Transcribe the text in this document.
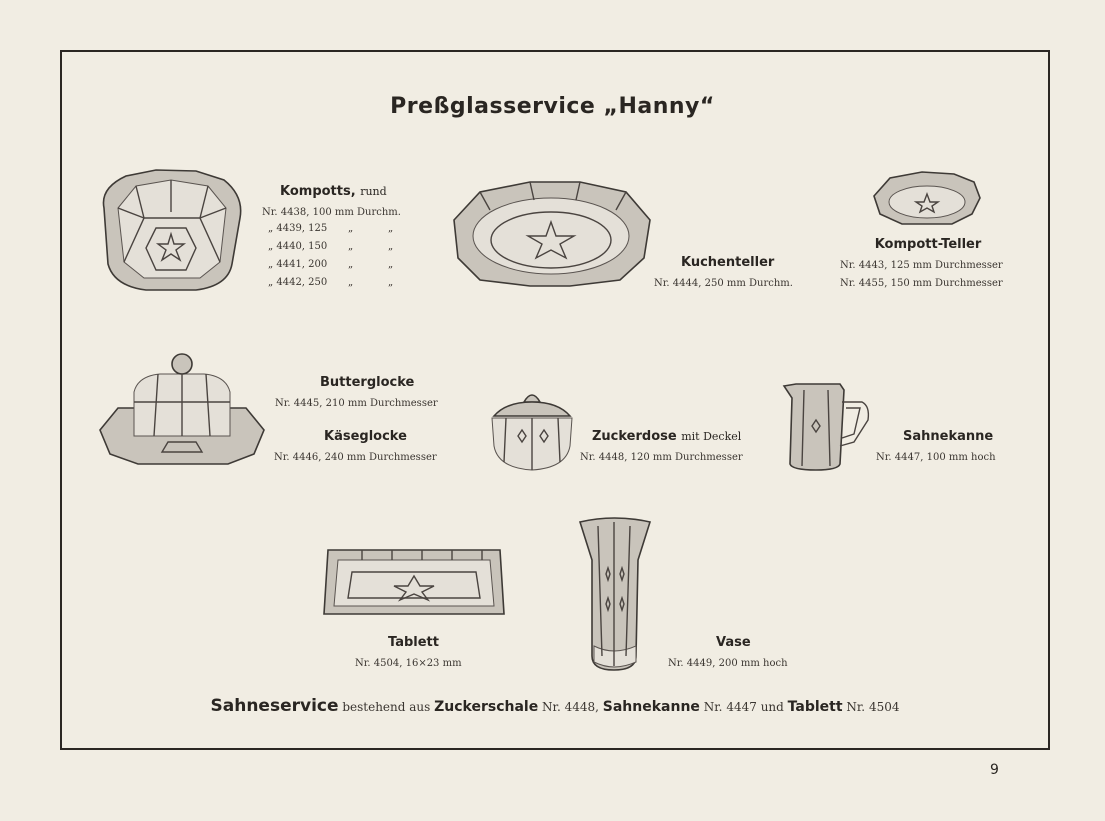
Preßglasservice „Hanny“
Kompotts, rund
Nr. 4438, 100 mm Durchm.
„ 4439, 125 „	„
„ 4440, 150 „	„
„ 4441, 200 „	„
„ 4442, 250 „	„
Kuchenteller
Nr. 4444, 250 mm Durchm.
Kompott-Teller
Nr. 4443, 125 mm Durchmesser
Nr. 4455, 150 mm Durchmesser
Butterglocke
Nr. 4445, 210 mm Durchmesser
Käseglocke
Nr. 4446, 240 mm Durchmesser
Zuckerdose mit Deckel
Nr. 4448, 120 mm Durchmesser
Sahnekanne
Nr. 4447, 100 mm hoch
Tablett
Nr. 4504, 16×23 mm
Vase
Nr. 4449, 200 mm hoch
Sahneservice bestehend aus Zuckerschale Nr. 4448, Sahnekanne Nr. 4447 und Tablett Nr. 4504
9
